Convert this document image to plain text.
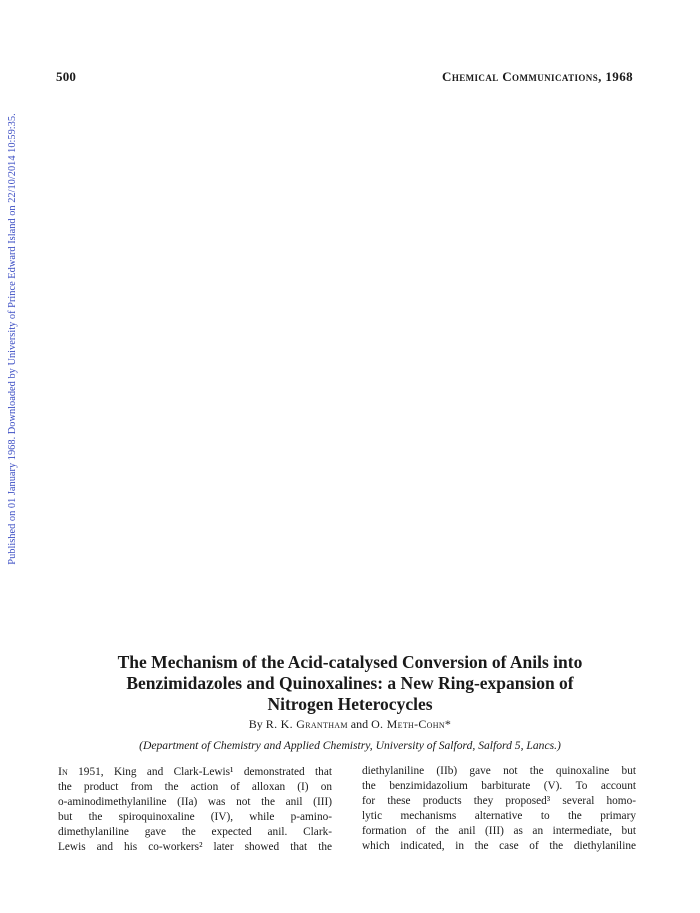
Published on 01 January 1968. Downloaded by University of Prince Edward Island on 22/10/2014 10:59:35.
500	Chemical Communications, 1968
The Mechanism of the Acid-catalysed Conversion of Anils into
Benzimidazoles and Quinoxalines: a New Ring-expansion of
Nitrogen Heterocycles
By R. K. Grantham and O. Meth-Cohn*
(Department of Chemistry and Applied Chemistry, University of Salford, Salford 5, Lancs.)
In 1951, King and Clark-Lewis¹ demonstrated that
the product from the action of alloxan (I) on
o-aminodimethylaniline (IIa) was not the anil (III)
but the spiroquinoxaline (IV), while p-amino-
dimethylaniline gave the expected anil. Clark-
Lewis and his co-workers² later showed that the
diethylaniline (IIb) gave not the quinoxaline but
the benzimidazolium barbiturate (V). To account
for these products they proposed³ several homo-
lytic mechanisms alternative to the primary
formation of the anil (III) as an intermediate, but
which indicated, in the case of the diethylaniline
